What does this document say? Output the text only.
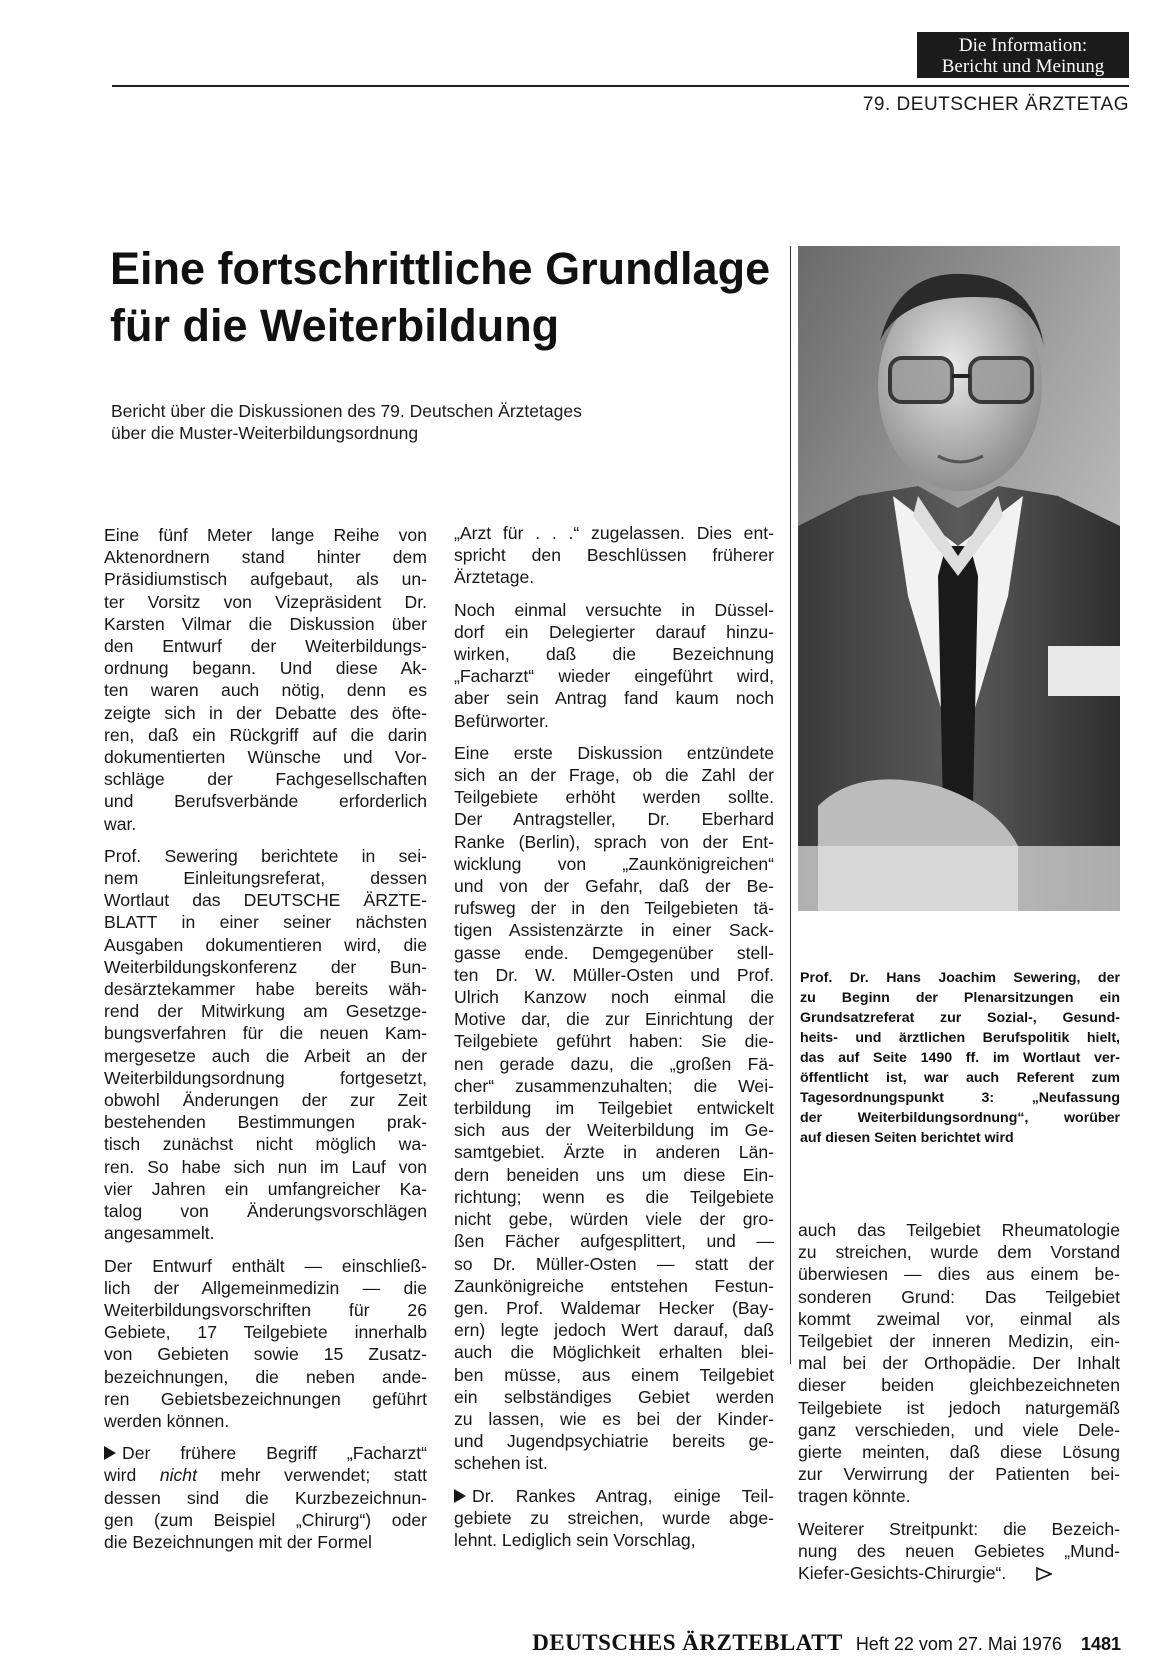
Die Information:
Bericht und Meinung
79. DEUTSCHER ÄRZTETAG
Eine fortschrittliche Grundlage
für die Weiterbildung
Bericht über die Diskussionen des 79. Deutschen Ärztetages
über die Muster-Weiterbildungsordnung
Prof. Dr. Hans Joachim Sewering, der
zu Beginn der Plenarsitzungen ein
Grundsatzreferat zur Sozial-, Gesund-
heits- und ärztlichen Berufspolitik hielt,
das auf Seite 1490 ff. im Wortlaut ver-
öffentlicht ist, war auch Referent zum
Tagesordnungspunkt 3: „Neufassung
der Weiterbildungsordnung“, worüber
auf diesen Seiten berichtet wird

Eine fünf Meter lange Reihe von
Aktenordnern stand hinter dem
Präsidiumstisch aufgebaut, als un-
ter Vorsitz von Vizepräsident Dr.
Karsten Vilmar die Diskussion über
den Entwurf der Weiterbildungs-
ordnung begann. Und diese Ak-
ten waren auch nötig, denn es
zeigte sich in der Debatte des öfte-
ren, daß ein Rückgriff auf die darin
dokumentierten Wünsche und Vor-
schläge der Fachgesellschaften
und Berufsverbände erforderlich
war.

Prof. Sewering berichtete in sei-
nem Einleitungsreferat, dessen
Wortlaut das DEUTSCHE ÄRZTE-
BLATT in einer seiner nächsten
Ausgaben dokumentieren wird, die
Weiterbildungskonferenz der Bun-
desärztekammer habe bereits wäh-
rend der Mitwirkung am Gesetzge-
bungsverfahren für die neuen Kam-
mergesetze auch die Arbeit an der
Weiterbildungsordnung fortgesetzt,
obwohl Änderungen der zur Zeit
bestehenden Bestimmungen prak-
tisch zunächst nicht möglich wa-
ren. So habe sich nun im Lauf von
vier Jahren ein umfangreicher Ka-
talog von Änderungsvorschlägen
angesammelt.

Der Entwurf enthält — einschließ-
lich der Allgemeinmedizin — die
Weiterbildungsvorschriften für 26
Gebiete, 17 Teilgebiete innerhalb
von Gebieten sowie 15 Zusatz-
bezeichnungen, die neben ande-
ren Gebietsbezeichnungen geführt
werden können.

Der frühere Begriff „Facharzt“
wird nicht mehr verwendet; statt
dessen sind die Kurzbezeichnun-
gen (zum Beispiel „Chirurg“) oder
die Bezeichnungen mit der Formel

„Arzt für . . .“ zugelassen. Dies ent-
spricht den Beschlüssen früherer
Ärztetage.

Noch einmal versuchte in Düssel-
dorf ein Delegierter darauf hinzu-
wirken, daß die Bezeichnung
„Facharzt“ wieder eingeführt wird,
aber sein Antrag fand kaum noch
Befürworter.

Eine erste Diskussion entzündete
sich an der Frage, ob die Zahl der
Teilgebiete erhöht werden sollte.
Der Antragsteller, Dr. Eberhard
Ranke (Berlin), sprach von der Ent-
wicklung von „Zaunkönigreichen“
und von der Gefahr, daß der Be-
rufsweg der in den Teilgebieten tä-
tigen Assistenzärzte in einer Sack-
gasse ende. Demgegenüber stell-
ten Dr. W. Müller-Osten und Prof.
Ulrich Kanzow noch einmal die
Motive dar, die zur Einrichtung der
Teilgebiete geführt haben: Sie die-
nen gerade dazu, die „großen Fä-
cher“ zusammenzuhalten; die Wei-
terbildung im Teilgebiet entwickelt
sich aus der Weiterbildung im Ge-
samtgebiet. Ärzte in anderen Län-
dern beneiden uns um diese Ein-
richtung; wenn es die Teilgebiete
nicht gebe, würden viele der gro-
ßen Fächer aufgesplittert, und —
so Dr. Müller-Osten — statt der
Zaunkönigreiche entstehen Festun-
gen. Prof. Waldemar Hecker (Bay-
ern) legte jedoch Wert darauf, daß
auch die Möglichkeit erhalten blei-
ben müsse, aus einem Teilgebiet
ein selbständiges Gebiet werden
zu lassen, wie es bei der Kinder-
und Jugendpsychiatrie bereits ge-
schehen ist.

Dr. Rankes Antrag, einige Teil-
gebiete zu streichen, wurde abge-
lehnt. Lediglich sein Vorschlag,

auch das Teilgebiet Rheumatologie
zu streichen, wurde dem Vorstand
überwiesen — dies aus einem be-
sonderen Grund: Das Teilgebiet
kommt zweimal vor, einmal als
Teilgebiet der inneren Medizin, ein-
mal bei der Orthopädie. Der Inhalt
dieser beiden gleichbezeichneten
Teilgebiete ist jedoch naturgemäß
ganz verschieden, und viele Dele-
gierte meinten, daß diese Lösung
zur Verwirrung der Patienten bei-
tragen könnte.

Weiterer Streitpunkt: die Bezeich-
nung des neuen Gebietes „Mund-
Kiefer-Gesichts-Chirurgie“.

DEUTSCHES ÄRZTEBLATT Heft 22 vom 27. Mai 1976 1481
